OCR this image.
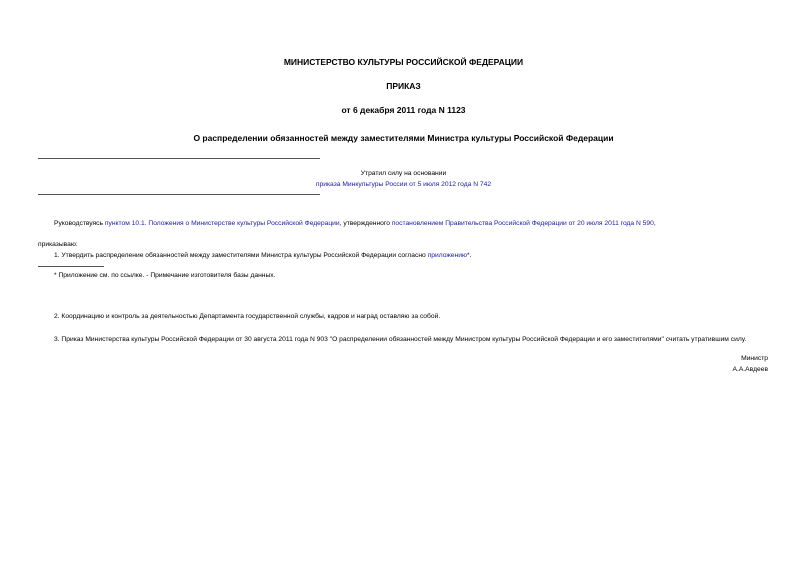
МИНИСТЕРСТВО КУЛЬТУРЫ РОССИЙСКОЙ ФЕДЕРАЦИИ
ПРИКАЗ
от 6 декабря 2011 года N 1123
О распределении обязанностей между заместителями Министра культуры Российской Федерации
Утратил силу на основании
приказа Минкультуры России от 5 июля 2012 года N 742
Руководствуясь пунктом 10.1. Положения о Министерстве культуры Российской Федерации, утвержденного постановлением Правительства Российской Федерации от 20 июля 2011 года N 590,
приказываю:
1. Утвердить распределение обязанностей между заместителями Министра культуры Российской Федерации согласно приложению*.
* Приложение см. по ссылке. - Примечание изготовителя базы данных.
2. Координацию и контроль за деятельностью Департамента государственной службы, кадров и наград оставляю за собой.
3. Приказ Министерства культуры Российской Федерации от 30 августа 2011 года N 903 "О распределении обязанностей между Министром культуры Российской Федерации и его заместителями" считать утратившим силу.
Министр
А.А.Авдеев
